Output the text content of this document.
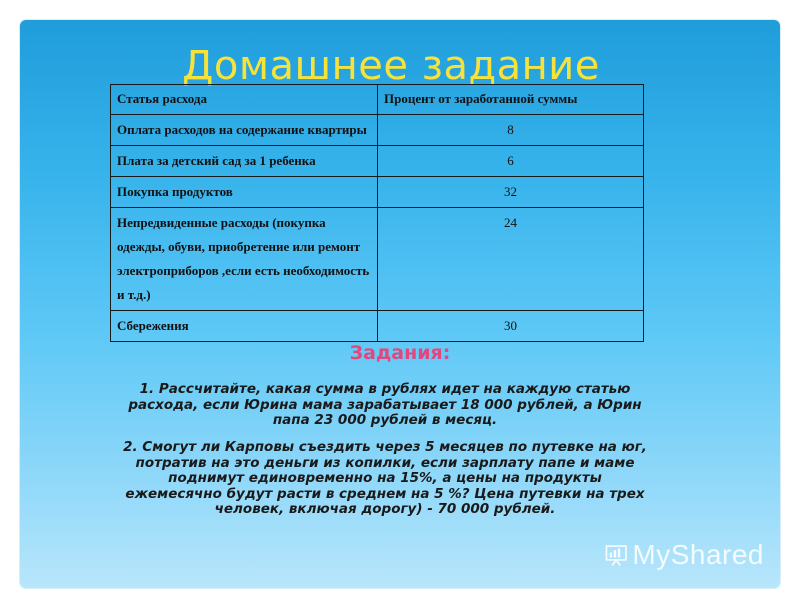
Домашнее задание
Статья расхода	Процент от заработанной суммы
Оплата расходов на содержание квартиры	8
Плата за детский сад за 1 ребенка	6
Покупка продуктов	32
Непредвиденные расходы (покупка одежды, обуви, приобретение или ремонт электроприборов ,если есть необходимость и т.д.)	24
Сбережения	30
Задания:
1. Рассчитайте, какая сумма в рублях идет на каждую статью расхода, если Юрина мама зарабатывает 18 000 рублей, а Юрин папа 23 000 рублей в месяц.
2. Смогут ли Карповы съездить через 5 месяцев по путевке на юг, потратив на это деньги из копилки, если зарплату папе и маме поднимут единовременно на 15%, а цены на продукты ежемесячно будут расти в среднем на 5 %? Цена путевки на трех человек, включая дорогу) - 70 000 рублей.
MyShared
